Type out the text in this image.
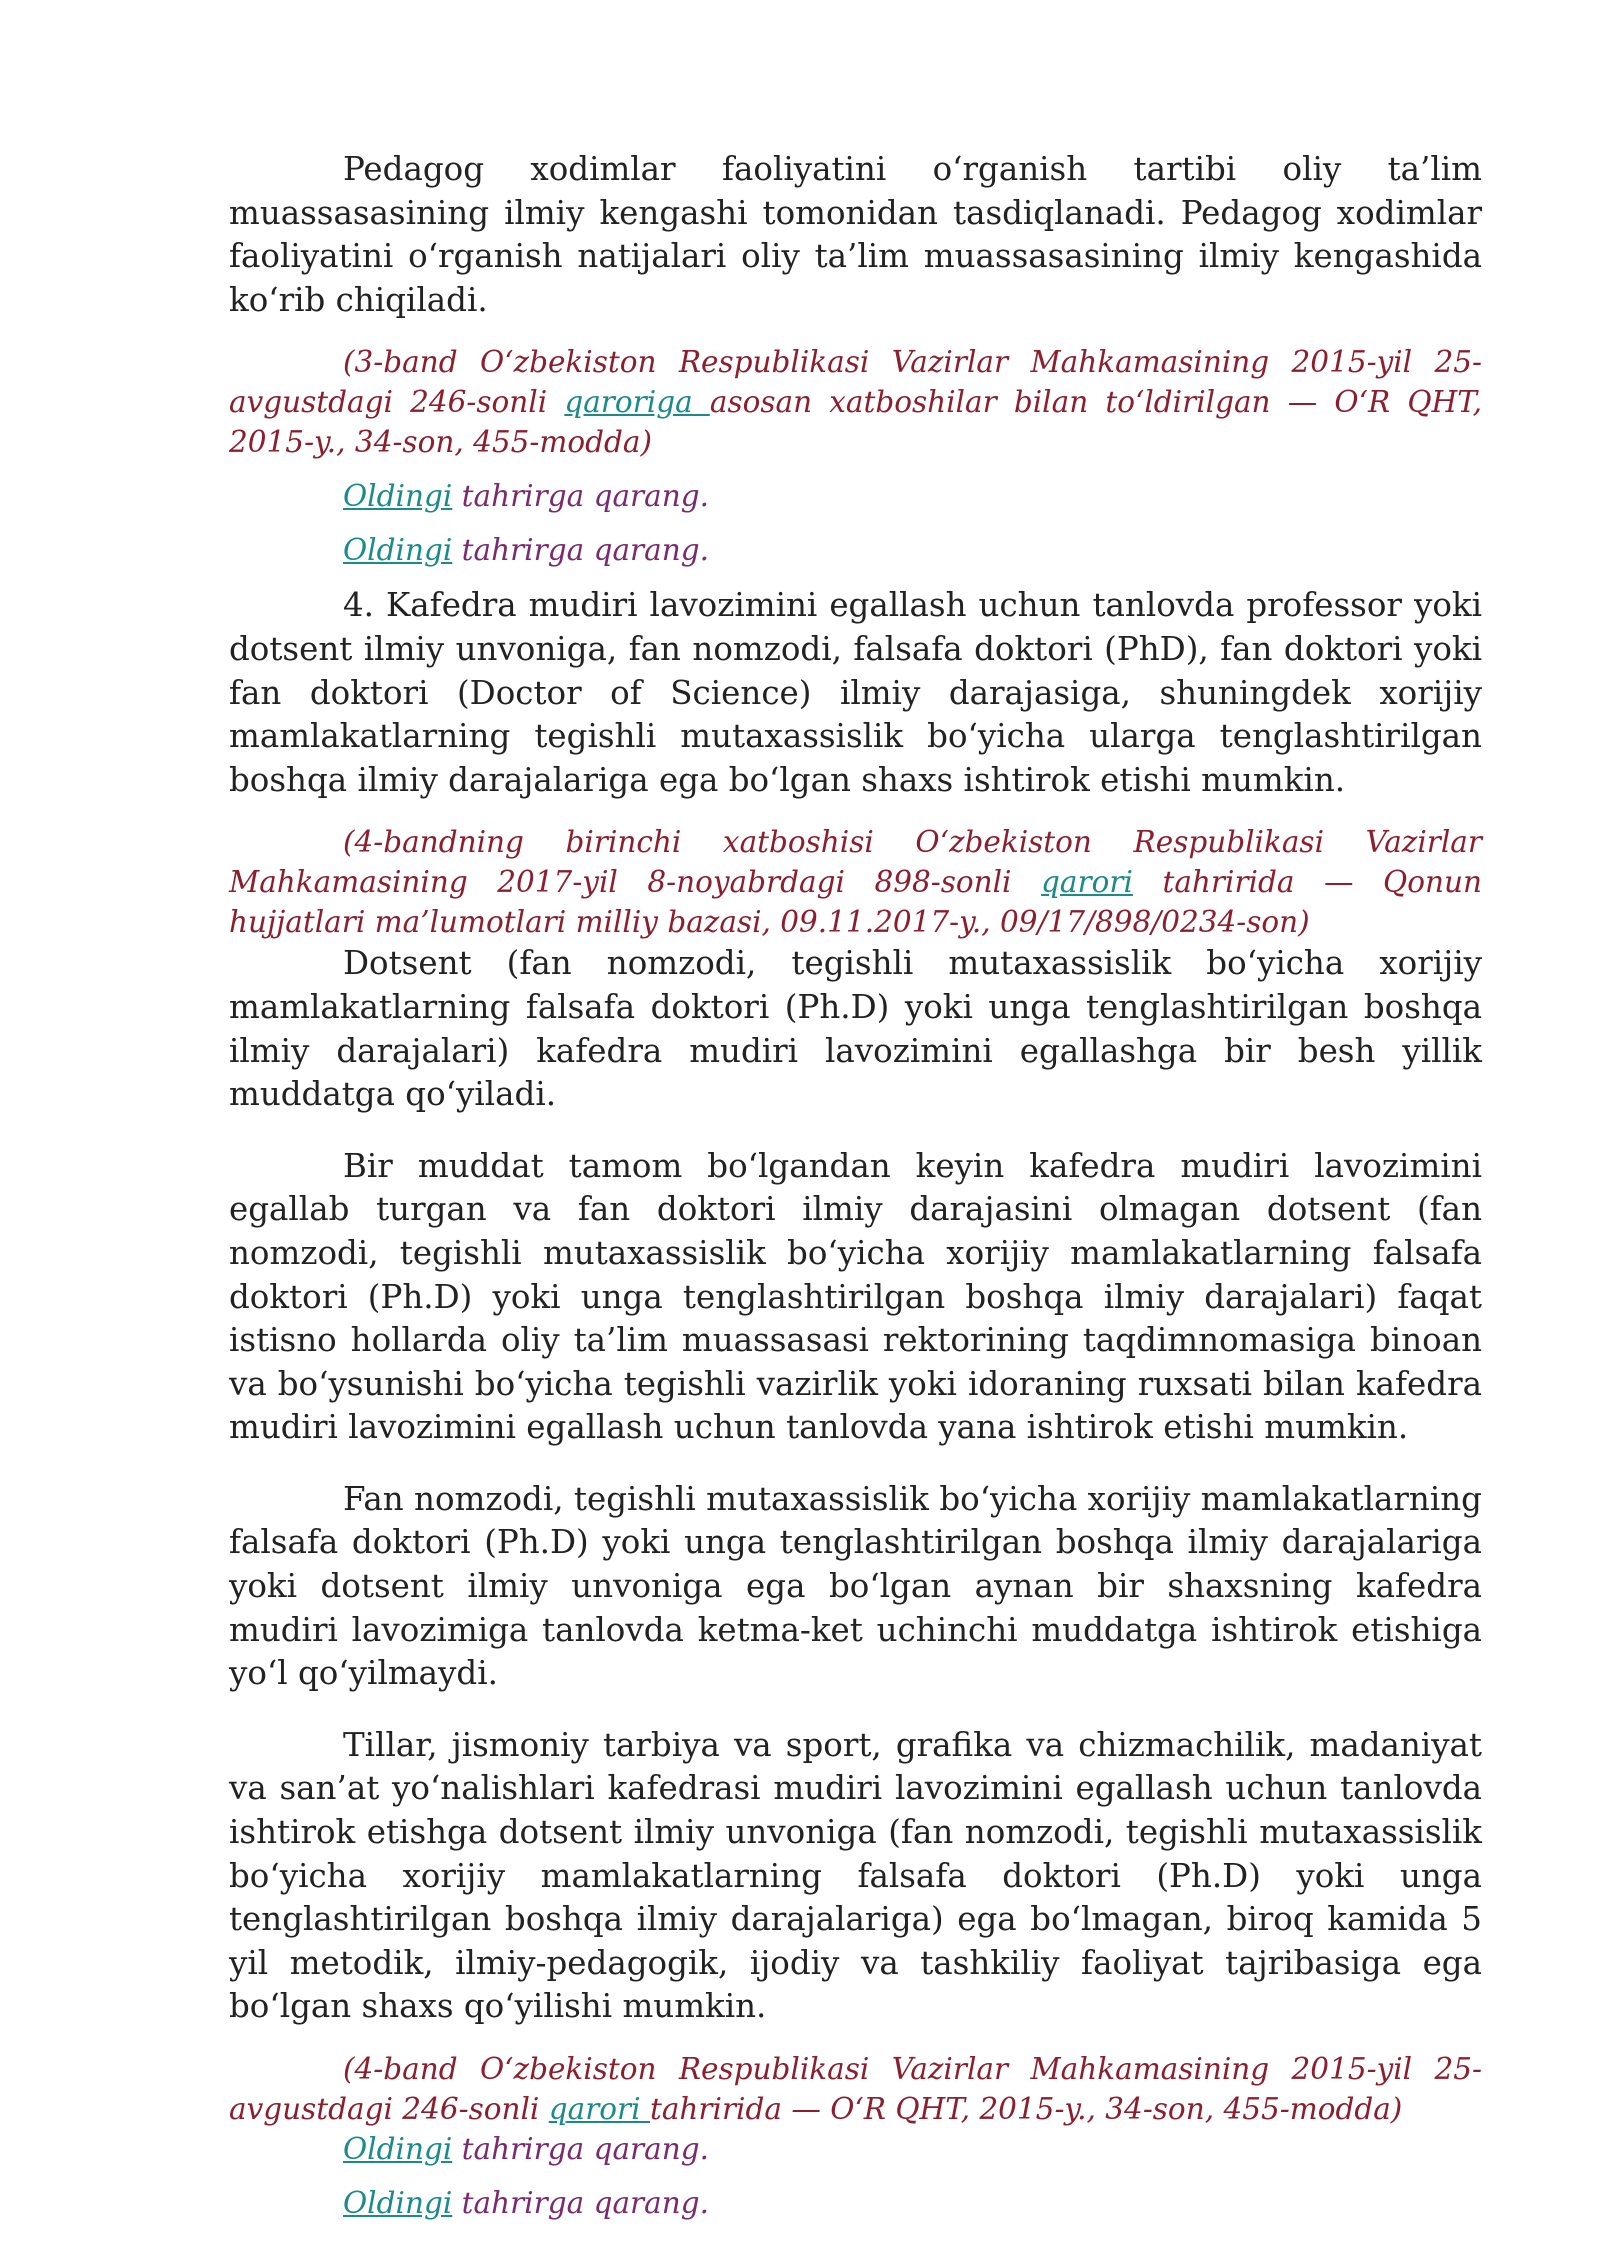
Pedagog xodimlar faoliyatini o‘rganish tartibi oliy ta’lim muassasasining ilmiy kengashi tomonidan tasdiqlanadi. Pedagog xodimlar faoliyatini o‘rganish natijalari oliy ta’lim muassasasining ilmiy kengashida ko‘rib chiqiladi.

(3-band O‘zbekiston Respublikasi Vazirlar Mahkamasining 2015-yil 25-avgustdagi 246-sonli qaroriga asosan xatboshilar bilan to‘ldirilgan — O‘R QHT, 2015-y., 34-son, 455-modda)

Oldingi tahrirga qarang.

Oldingi tahrirga qarang.

4. Kafedra mudiri lavozimini egallash uchun tanlovda professor yoki dotsent ilmiy unvoniga, fan nomzodi, falsafa doktori (PhD), fan doktori yoki fan doktori (Doctor of Science) ilmiy darajasiga, shuningdek xorijiy mamlakatlarning tegishli mutaxassislik bo‘yicha ularga tenglashtirilgan boshqa ilmiy darajalariga ega bo‘lgan shaxs ishtirok etishi mumkin.

(4-bandning birinchi xatboshisi O‘zbekiston Respublikasi Vazirlar Mahkamasining 2017-yil 8-noyabrdagi 898-sonli qarori tahririda — Qonun hujjatlari ma’lumotlari milliy bazasi, 09.11.2017-y., 09/17/898/0234-son)

Dotsent (fan nomzodi, tegishli mutaxassislik bo‘yicha xorijiy mamlakatlarning falsafa doktori (Ph.D) yoki unga tenglashtirilgan boshqa ilmiy darajalari) kafedra mudiri lavozimini egallashga bir besh yillik muddatga qo‘yiladi.

Bir muddat tamom bo‘lgandan keyin kafedra mudiri lavozimini egallab turgan va fan doktori ilmiy darajasini olmagan dotsent (fan nomzodi, tegishli mutaxassislik bo‘yicha xorijiy mamlakatlarning falsafa doktori (Ph.D) yoki unga tenglashtirilgan boshqa ilmiy darajalari) faqat istisno hollarda oliy ta’lim muassasasi rektorining taqdimnomasiga binoan va bo‘ysunishi bo‘yicha tegishli vazirlik yoki idoraning ruxsati bilan kafedra mudiri lavozimini egallash uchun tanlovda yana ishtirok etishi mumkin.

Fan nomzodi, tegishli mutaxassislik bo‘yicha xorijiy mamlakatlarning falsafa doktori (Ph.D) yoki unga tenglashtirilgan boshqa ilmiy darajalariga yoki dotsent ilmiy unvoniga ega bo‘lgan aynan bir shaxsning kafedra mudiri lavozimiga tanlovda ketma-ket uchinchi muddatga ishtirok etishiga yo‘l qo‘yilmaydi.

Tillar, jismoniy tarbiya va sport, grafika va chizmachilik, madaniyat va san’at yo‘nalishlari kafedrasi mudiri lavozimini egallash uchun tanlovda ishtirok etishga dotsent ilmiy unvoniga (fan nomzodi, tegishli mutaxassislik bo‘yicha xorijiy mamlakatlarning falsafa doktori (Ph.D) yoki unga tenglashtirilgan boshqa ilmiy darajalariga) ega bo‘lmagan, biroq kamida 5 yil metodik, ilmiy-pedagogik, ijodiy va tashkiliy faoliyat tajribasiga ega bo‘lgan shaxs qo‘yilishi mumkin.

(4-band O‘zbekiston Respublikasi Vazirlar Mahkamasining 2015-yil 25-avgustdagi 246-sonli qarori tahririda — O‘R QHT, 2015-y., 34-son, 455-modda)

Oldingi tahrirga qarang.

Oldingi tahrirga qarang.
